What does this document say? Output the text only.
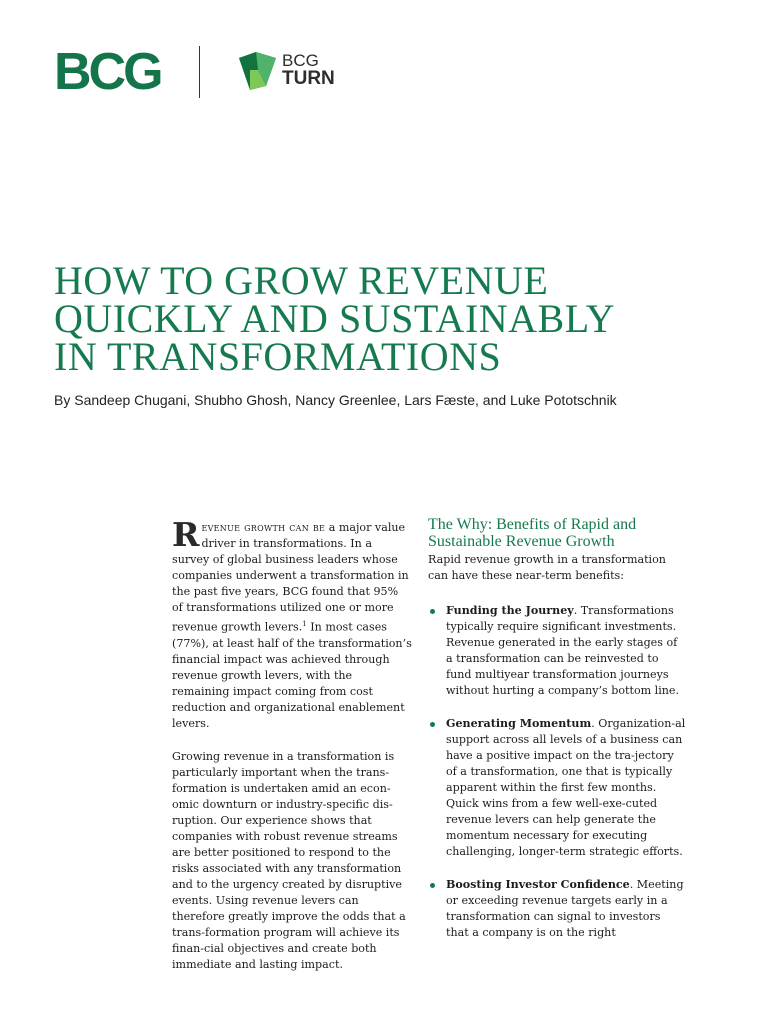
BCG	BCG
TURN
HOW TO GROW REVENUE
QUICKLY AND SUSTAINABLY
IN TRANSFORMATIONS
By Sandeep Chugani, Shubho Ghosh, Nancy Greenlee, Lars Fæste, and Luke Pototschnik

Revenue growth can be a major value driver in transformations. In a survey of global business leaders whose companies underwent a transformation in the past five years, BCG found that 95% of transformations utilized one or more revenue growth levers.$^1$ In most cases (77%), at least half of the transformation’s financial impact was achieved through revenue growth levers, with the remaining impact coming from cost reduction and organizational enablement levers.

Growing revenue in a transformation is particularly important when the trans-formation is undertaken amid an econ-omic downturn or industry-specific dis-ruption. Our experience shows that companies with robust revenue streams are better positioned to respond to the risks associated with any transformation and to the urgency created by disruptive events. Using revenue levers can therefore greatly improve the odds that a trans-formation program will achieve its finan-cial objectives and create both immediate and lasting impact.

The Why: Benefits of Rapid and Sustainable Revenue Growth

Rapid revenue growth in a transformation can have these near-term benefits:

Funding the Journey. Transformations typically require significant investments. Revenue generated in the early stages of a transformation can be reinvested to fund multiyear transformation journeys without hurting a company’s bottom line.
Generating Momentum. Organization-al support across all levels of a business can have a positive impact on the tra-jectory of a transformation, one that is typically apparent within the first few months. Quick wins from a few well-exe-cuted revenue levers can help generate the momentum necessary for executing challenging, longer-term strategic efforts.
Boosting Investor Confidence. Meeting or exceeding revenue targets early in a transformation can signal to investors that a company is on the right
